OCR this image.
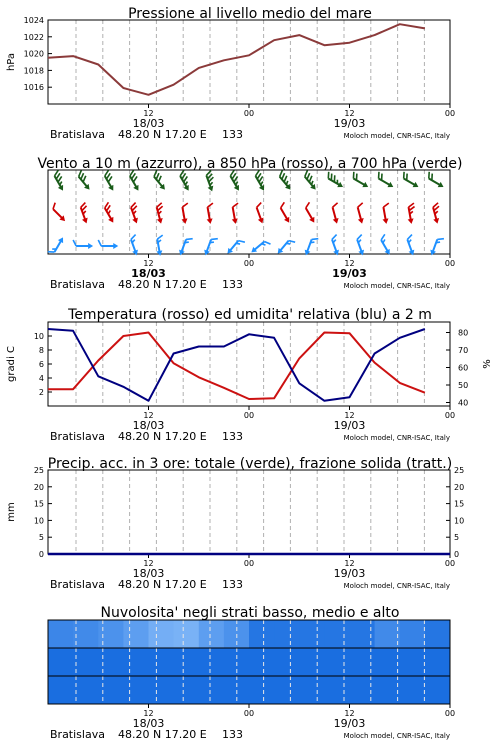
Pressione al livello medio del mare
12	00	12	00
18/03	19/03
Bratislava 48.20 N 17.20 E 133	Moloch model, CNR-ISAC, Italy
1016
1018
1020
1022
1024
hPa
Vento a 10 m (azzurro), a 850 hPa (rosso), a 700 hPa (verde)
12	00	12	00
18/03	19/03
Bratislava 48.20 N 17.20 E 133	Moloch model, CNR-ISAC, Italy
Temperatura (rosso) ed umidita' relativa (blu) a 2 m
12	00	12	00
18/03	19/03
Bratislava 48.20 N 17.20 E 133	Moloch model, CNR-ISAC, Italy
2
4
6
8
10
40
50
60
70
80
gradi C	%
Precip. acc. in 3 ore: totale (verde), frazione solida (tratt.)
12	00	12	00
18/03	19/03
Bratislava 48.20 N 17.20 E 133	Moloch model, CNR-ISAC, Italy
0
5
10
15
20
25
0
5
10
15
20
25
mm
Nuvolosita' negli strati basso, medio e alto
12	00	12	00
18/03	19/03
Bratislava 48.20 N 17.20 E 133	Moloch model, CNR-ISAC, Italy
